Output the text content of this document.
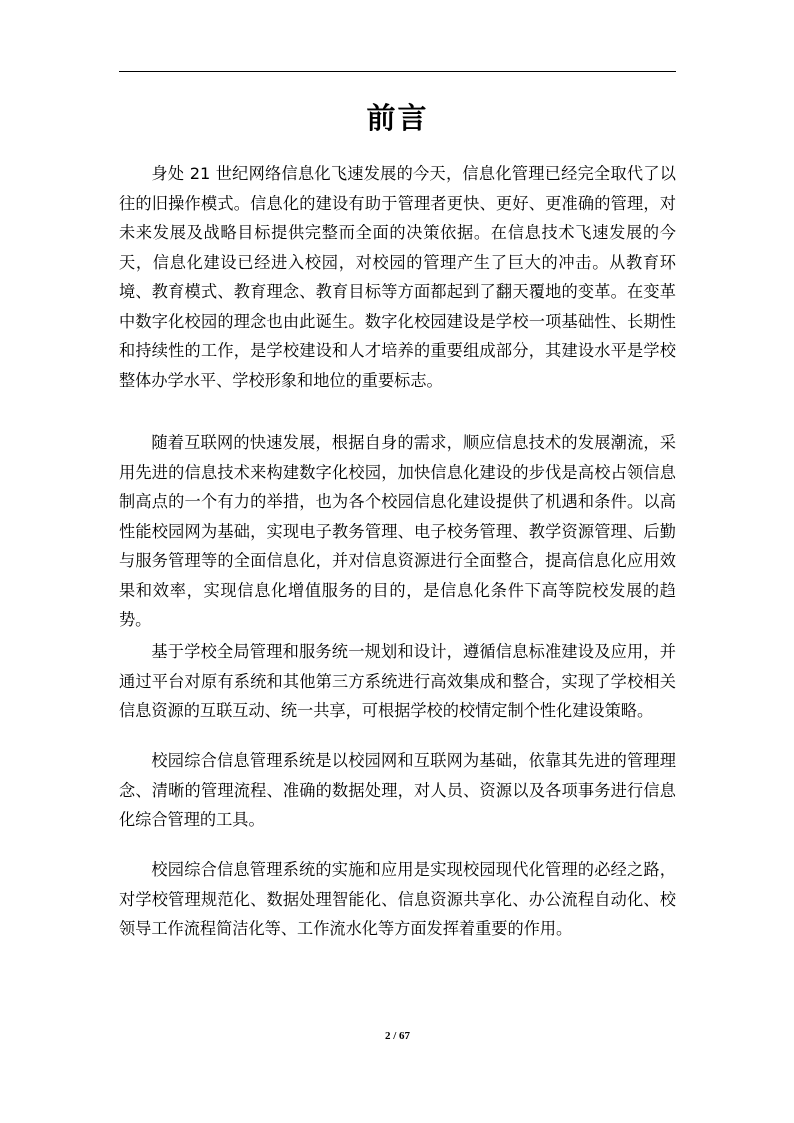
前言

身处 21 世纪网络信息化飞速发展的今天，信息化管理已经完全取代了以往的旧操作模式。信息化的建设有助于管理者更快、更好、更准确的管理，对未来发展及战略目标提供完整而全面的决策依据。在信息技术飞速发展的今天，信息化建设已经进入校园，对校园的管理产生了巨大的冲击。从教育环境、教育模式、教育理念、教育目标等方面都起到了翻天覆地的变革。在变革中数字化校园的理念也由此诞生。数字化校园建设是学校一项基础性、长期性和持续性的工作，是学校建设和人才培养的重要组成部分，其建设水平是学校整体办学水平、学校形象和地位的重要标志。

随着互联网的快速发展，根据自身的需求，顺应信息技术的发展潮流，采用先进的信息技术来构建数字化校园，加快信息化建设的步伐是高校占领信息制高点的一个有力的举措，也为各个校园信息化建设提供了机遇和条件。以高性能校园网为基础，实现电子教务管理、电子校务管理、教学资源管理、后勤与服务管理等的全面信息化，并对信息资源进行全面整合，提高信息化应用效果和效率，实现信息化增值服务的目的，是信息化条件下高等院校发展的趋势。

基于学校全局管理和服务统一规划和设计，遵循信息标准建设及应用，并通过平台对原有系统和其他第三方系统进行高效集成和整合，实现了学校相关信息资源的互联互动、统一共享，可根据学校的校情定制个性化建设策略。

校园综合信息管理系统是以校园网和互联网为基础，依靠其先进的管理理念、清晰的管理流程、准确的数据处理，对人员、资源以及各项事务进行信息化综合管理的工具。

校园综合信息管理系统的实施和应用是实现校园现代化管理的必经之路，对学校管理规范化、数据处理智能化、信息资源共享化、办公流程自动化、校领导工作流程简洁化等、工作流水化等方面发挥着重要的作用。

2 / 67
